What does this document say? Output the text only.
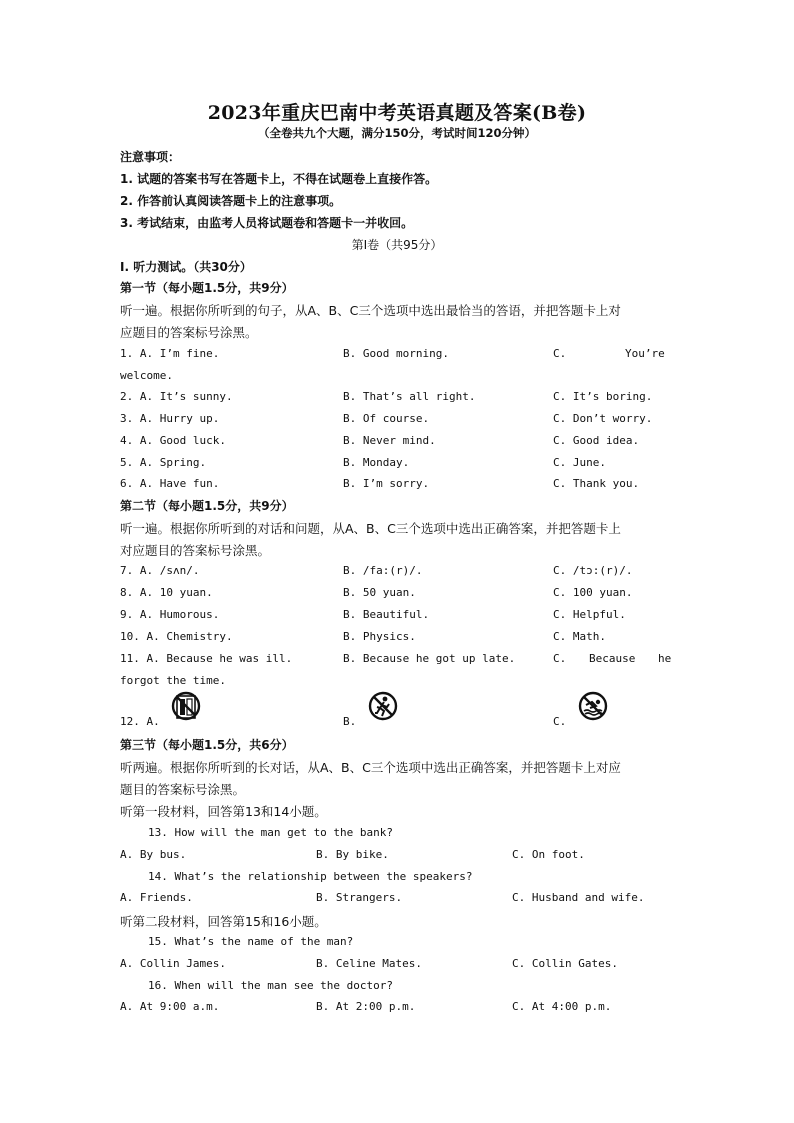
2023年重庆巴南中考英语真题及答案(B卷)
（全卷共九个大题，满分150分，考试时间120分钟）
注意事项：
1. 试题的答案书写在答题卡上，不得在试题卷上直接作答。
2. 作答前认真阅读答题卡上的注意事项。
3. 考试结束，由监考人员将试题卷和答题卡一并收回。
第Ⅰ卷（共95分）
Ⅰ. 听力测试。（共30分）
第一节（每小题1.5分，共9分）
听一遍。根据你所听到的句子，从A、B、C三个选项中选出最恰当的答语，并把答题卡上对
应题目的答案标号涂黑。
1. A. I’m fine.	B. Good morning.	C.	You’re
welcome.
2. A. It’s sunny.	B. That’s all right.	C. It’s boring.
3. A. Hurry up.	B. Of course.	C. Don’t worry.
4. A. Good luck.	B. Never mind.	C. Good idea.
5. A. Spring.	B. Monday.	C. June.
6. A. Have fun.	B. I’m sorry.	C. Thank you.
第二节（每小题1.5分，共9分）
听一遍。根据你所听到的对话和问题，从A、B、C三个选项中选出正确答案，并把答题卡上
对应题目的答案标号涂黑。
7. A. /sʌn/.	B. /fa:(r)/.	C. /tɔ:(r)/.
8. A. 10 yuan.	B. 50 yuan.	C. 100 yuan.
9. A. Humorous.	B. Beautiful.	C. Helpful.
10. A. Chemistry.	B. Physics.	C. Math.
11. A. Because he was ill.	B. Because he got up late.	C. Because he
forgot the time.
12. A.	B.	C.
第三节（每小题1.5分，共6分）
听两遍。根据你所听到的长对话，从A、B、C三个选项中选出正确答案，并把答题卡上对应
题目的答案标号涂黑。
听第一段材料，回答第13和14小题。
13. How will the man get to the bank?
A. By bus.	B. By bike.	C. On foot.
14. What’s the relationship between the speakers?
A. Friends.	B. Strangers.	C. Husband and wife.
听第二段材料，回答第15和16小题。
15. What’s the name of the man?
A. Collin James.	B. Celine Mates.	C. Collin Gates.
16. When will the man see the doctor?
A. At 9:00 a.m.	B. At 2:00 p.m.	C. At 4:00 p.m.
